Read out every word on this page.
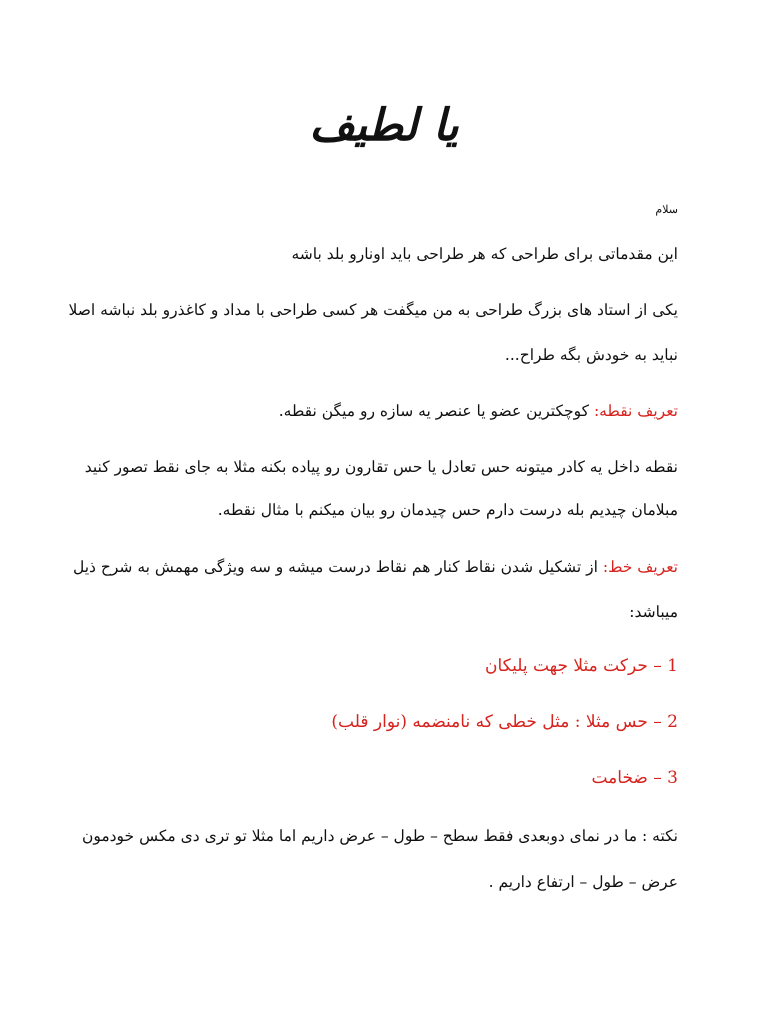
یا لطیف
سلام
این مقدماتی برای طراحی که هر طراحی باید اونارو بلد باشه
یکی از استاد های بزرگ طراحی به من میگفت هر کسی طراحی با مداد و کاغذرو بلد نباشه اصلا
نباید به خودش بگه طراح...
تعریف نقطه: کوچکترین عضو یا عنصر یه سازه رو میگن نقطه.
نقطه داخل یه کادر میتونه حس تعادل یا حس تقارون رو پیاده بکنه مثلا به جای نقط تصور کنید
مبلامان چیدیم بله درست دارم حس چیدمان رو بیان میکنم با مثال نقطه.
تعریف خط: از تشکیل شدن نقاط کنار هم نقاط درست میشه و سه ویژگی مهمش به شرح ذیل
میباشد:
1 – حرکت مثلا جهت پلیکان
2 – حس مثلا : مثل خطی که نامنضمه (نوار قلب)
3 – ضخامت
نکته : ما در نمای دوبعدی فقط سطح – طول – عرض داریم اما مثلا تو تری دی مکس خودمون
عرض – طول – ارتفاع داریم .
